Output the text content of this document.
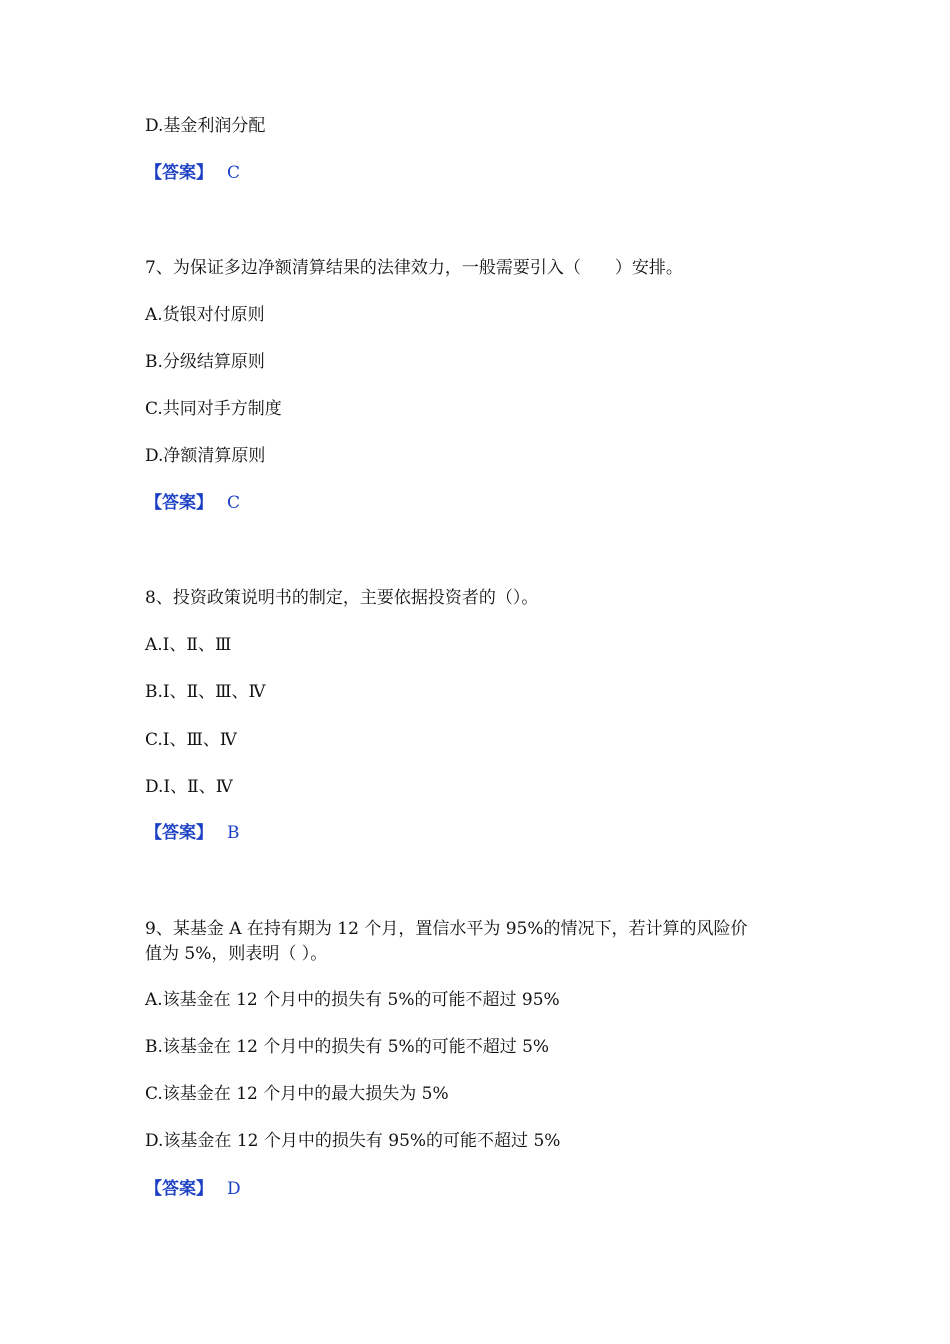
D.基金利润分配
【答案】 C
7、为保证多边净额清算结果的法律效力，一般需要引入（　　）安排。
A.货银对付原则
B.分级结算原则
C.共同对手方制度
D.净额清算原则
【答案】 C
8、投资政策说明书的制定，主要依据投资者的（）。
A.Ⅰ、Ⅱ、Ⅲ
B.Ⅰ、Ⅱ、Ⅲ、Ⅳ
C.Ⅰ、Ⅲ、Ⅳ
D.Ⅰ、Ⅱ、Ⅳ
【答案】 B
9、某基金 A 在持有期为 12 个月，置信水平为 95%的情况下，若计算的风险价
值为 5%，则表明（ ）。
A.该基金在 12 个月中的损失有 5%的可能不超过 95%
B.该基金在 12 个月中的损失有 5%的可能不超过 5%
C.该基金在 12 个月中的最大损失为 5%
D.该基金在 12 个月中的损失有 95%的可能不超过 5%
【答案】 D
